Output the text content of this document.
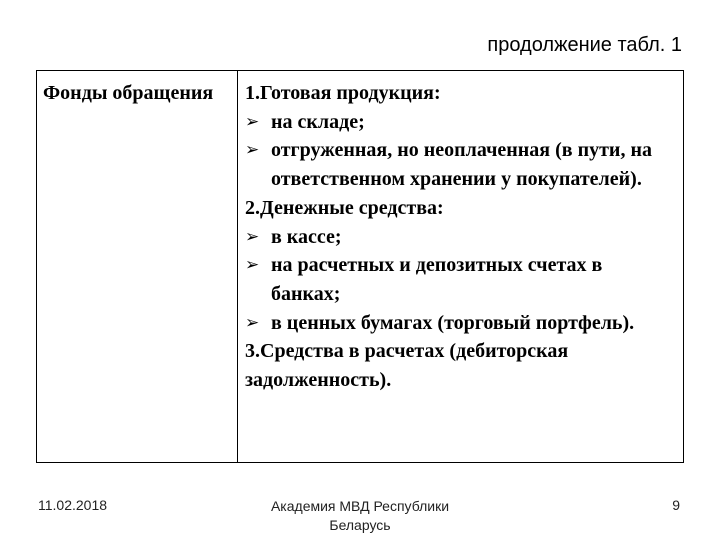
продолжение табл. 1
Фонды обращения	1.Готовая продукция:
➢ на складе;
➢ отгруженная, но неоплаченная (в пути, на ответственном хранении у покупателей).
2.Денежные средства:
➢ в кассе;
➢ на расчетных и депозитных счетах в банках;
➢ в ценных бумагах (торговый портфель).
3.Средства в расчетах (дебиторская задолженность).
11.02.2018	Академия МВД Республики Беларусь
9
